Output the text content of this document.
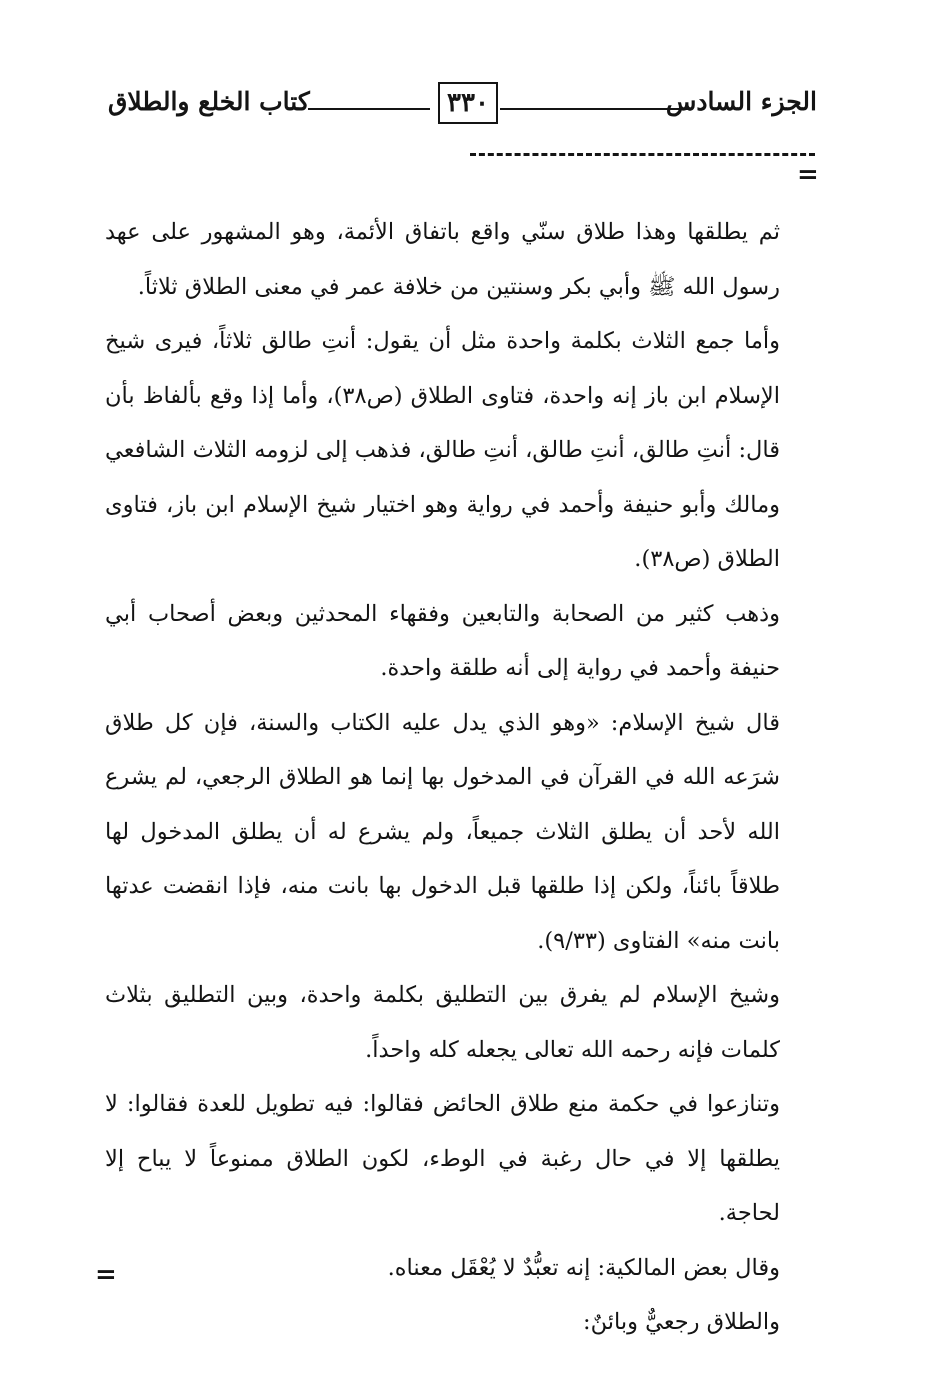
الجزء السادس
٣٣٠
كتاب الخلع والطلاق
=

ثم يطلقها وهذا طلاق سنّي واقع باتفاق الأئمة، وهو المشهور على عهد رسول الله ﷺ وأبي بكر وسنتين من خلافة عمر في معنى الطلاق ثلاثاً.

وأما جمع الثلاث بكلمة واحدة مثل أن يقول: أنتِ طالق ثلاثاً، فيرى شيخ الإسلام ابن باز إنه واحدة، فتاوى الطلاق (ص٣٨)، وأما إذا وقع بألفاظ بأن قال: أنتِ طالق، أنتِ طالق، أنتِ طالق، فذهب إلى لزومه الثلاث الشافعي ومالك وأبو حنيفة وأحمد في رواية وهو اختيار شيخ الإسلام ابن باز، فتاوى الطلاق (ص٣٨).

وذهب كثير من الصحابة والتابعين وفقهاء المحدثين وبعض أصحاب أبي حنيفة وأحمد في رواية إلى أنه طلقة واحدة.

قال شيخ الإسلام: «وهو الذي يدل عليه الكتاب والسنة، فإن كل طلاق شرَعه الله في القرآن في المدخول بها إنما هو الطلاق الرجعي، لم يشرع الله لأحد أن يطلق الثلاث جميعاً، ولم يشرع له أن يطلق المدخول لها طلاقاً بائناً، ولكن إذا طلقها قبل الدخول بها بانت منه، فإذا انقضت عدتها بانت منه» الفتاوى (٩/٣٣).

وشيخ الإسلام لم يفرق بين التطليق بكلمة واحدة، وبين التطليق بثلاث كلمات فإنه رحمه الله تعالى يجعله كله واحداً.

وتنازعوا في حكمة منع طلاق الحائض فقالوا: فيه تطويل للعدة فقالوا: لا يطلقها إلا في حال رغبة في الوطء، لكون الطلاق ممنوعاً لا يباح إلا لحاجة.

وقال بعض المالكية: إنه تعبُّدٌ لا يُعْقَل معناه.

والطلاق رجعيٌّ وبائنٌ:

=
